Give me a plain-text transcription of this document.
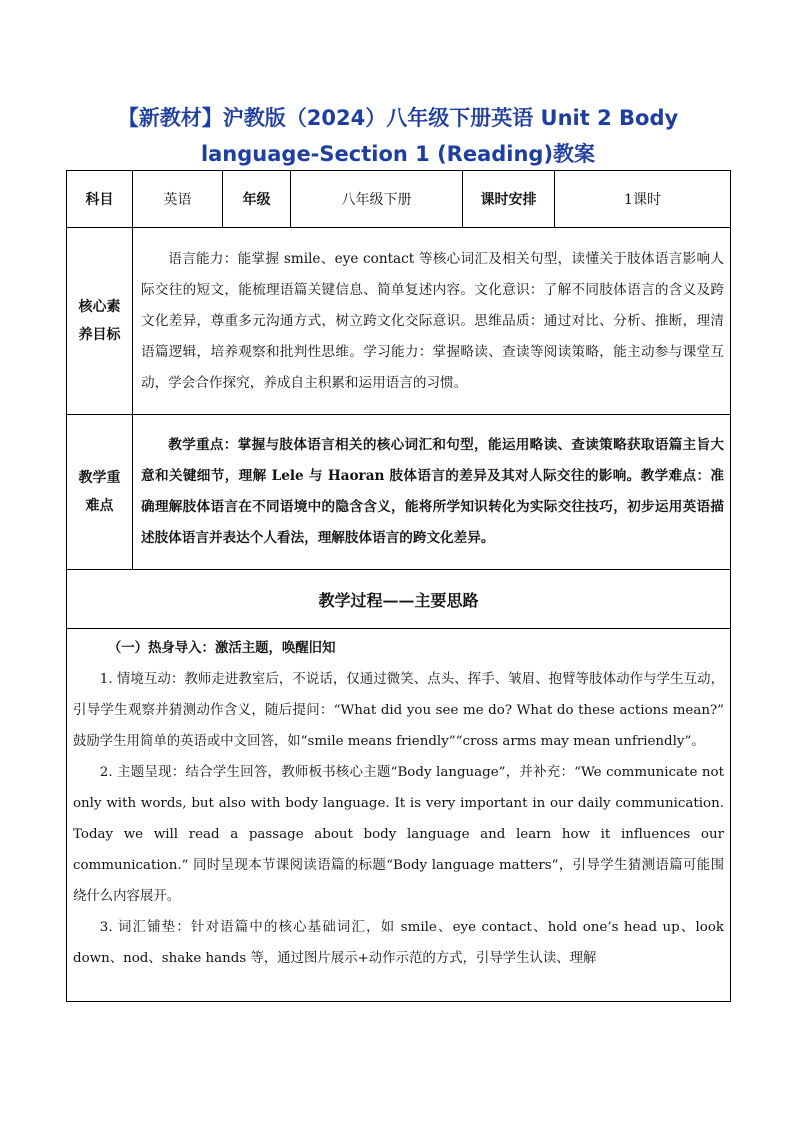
【新教材】沪教版（2024）八年级下册英语 Unit 2 Body
language-Section 1 (Reading)教案
科目	英语	年级	八年级下册	课时安排	1课时

核心素
养目标	语言能力：能掌握 smile、eye contact 等核心词汇及相关句型，读懂关于肢体语言影响人际交往的短文，能梳理语篇关键信息、简单复述内容。文化意识：了解不同肢体语言的含义及跨文化差异，尊重多元沟通方式，树立跨文化交际意识。思维品质：通过对比、分析、推断，理清语篇逻辑，培养观察和批判性思维。学习能力：掌握略读、查读等阅读策略，能主动参与课堂互动，学会合作探究，养成自主积累和运用语言的习惯。				

教学重
难点	教学重点：掌握与肢体语言相关的核心词汇和句型，能运用略读、查读策略获取语篇主旨大意和关键细节，理解 Lele 与 Haoran 肢体语言的差异及其对人际交往的影响。教学难点：准确理解肢体语言在不同语境中的隐含含义，能将所学知识转化为实际交往技巧，初步运用英语描述肢体语言并表达个人看法，理解肢体语言的跨文化差异。				
教学过程——主要思路					

（一）热身导入：激活主题，唤醒旧知

1. 情境互动：教师走进教室后，不说话，仅通过微笑、点头、挥手、皱眉、抱臂等肢体动作与学生互动，引导学生观察并猜测动作含义，随后提问：“What did you see me do? What do these actions mean?” 鼓励学生用简单的英语或中文回答，如“smile means friendly”“cross arms may mean unfriendly”。

2. 主题呈现：结合学生回答，教师板书核心主题“Body language”，并补充：“We communicate not only with words, but also with body language. It is very important in our daily communication. Today we will read a passage about body language and learn how it influences our communication.” 同时呈现本节课阅读语篇的标题“Body language matters”，引导学生猜测语篇可能围绕什么内容展开。

3. 词汇铺垫：针对语篇中的核心基础词汇，如 smile、eye contact、hold one’s head up、look down、nod、shake hands 等，通过图片展示+动作示范的方式，引导学生认读、理解					
